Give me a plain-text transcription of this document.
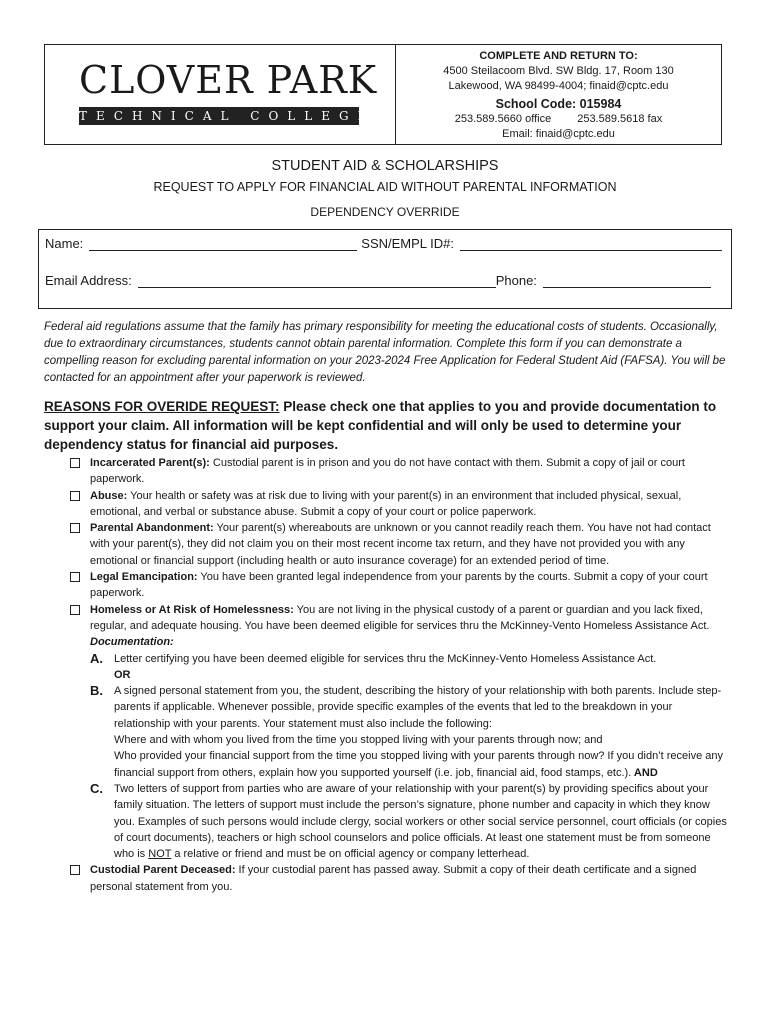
CLOVER PARK
TECHNICAL COLLEGE
COMPLETE AND RETURN TO:
4500 Steilacoom Blvd. SW Bldg. 17, Room 130
Lakewood, WA 98499-4004; finaid@cptc.edu
School Code: 015984
253.589.5660 office 253.589.5618 fax
Email: finaid@cptc.edu
STUDENT AID & SCHOLARSHIPS
REQUEST TO APPLY FOR FINANCIAL AID WITHOUT PARENTAL INFORMATION
DEPENDENCY OVERRIDE
Name:	SSN/EMPL ID#:
Email Address:	Phone:
Federal aid regulations assume that the family has primary responsibility for meeting the educational costs of students. Occasionally, due to extraordinary circumstances, students cannot obtain parental information. Complete this form if you can demonstrate a compelling reason for excluding parental information on your 2023-2024 Free Application for Federal Student Aid (FAFSA). You will be contacted for an appointment after your paperwork is reviewed.
REASONS FOR OVERIDE REQUEST: Please check one that applies to you and provide documentation to support your claim. All information will be kept confidential and will only be used to determine your dependency status for financial aid purposes.
Incarcerated Parent(s): Custodial parent is in prison and you do not have contact with them. Submit a copy of jail or court paperwork.
Abuse: Your health or safety was at risk due to living with your parent(s) in an environment that included physical, sexual, emotional, and verbal or substance abuse. Submit a copy of your court or police paperwork.
Parental Abandonment: Your parent(s) whereabouts are unknown or you cannot readily reach them. You have not had contact with your parent(s), they did not claim you on their most recent income tax return, and they have not provided you with any emotional or financial support (including health or auto insurance coverage) for an extended period of time.
Legal Emancipation: You have been granted legal independence from your parents by the courts. Submit a copy of your court paperwork.
Homeless or At Risk of Homelessness: You are not living in the physical custody of a parent or guardian and you lack fixed, regular, and adequate housing. You have been deemed eligible for services thru the McKinney-Vento Homeless Assistance Act.
Documentation:
A. Letter certifying you have been deemed eligible for services thru the McKinney-Vento Homeless Assistance Act.
OR
B. A signed personal statement from you, the student, describing the history of your relationship with both parents. Include step-parents if applicable. Whenever possible, provide specific examples of the events that led to the breakdown in your relationship with your parents. Your statement must also include the following:
Where and with whom you lived from the time you stopped living with your parents through now; and
Who provided your financial support from the time you stopped living with your parents through now? If you didn’t receive any financial support from others, explain how you supported yourself (i.e. job, financial aid, food stamps, etc.). AND
C. Two letters of support from parties who are aware of your relationship with your parent(s) by providing specifics about your family situation. The letters of support must include the person’s signature, phone number and capacity in which they know you. Examples of such persons would include clergy, social workers or other social service personnel, court officials (or copies of court documents), teachers or high school counselors and police officials. At least one statement must be from someone who is NOT a relative or friend and must be on official agency or company letterhead.
Custodial Parent Deceased: If your custodial parent has passed away. Submit a copy of their death certificate and a signed personal statement from you.
